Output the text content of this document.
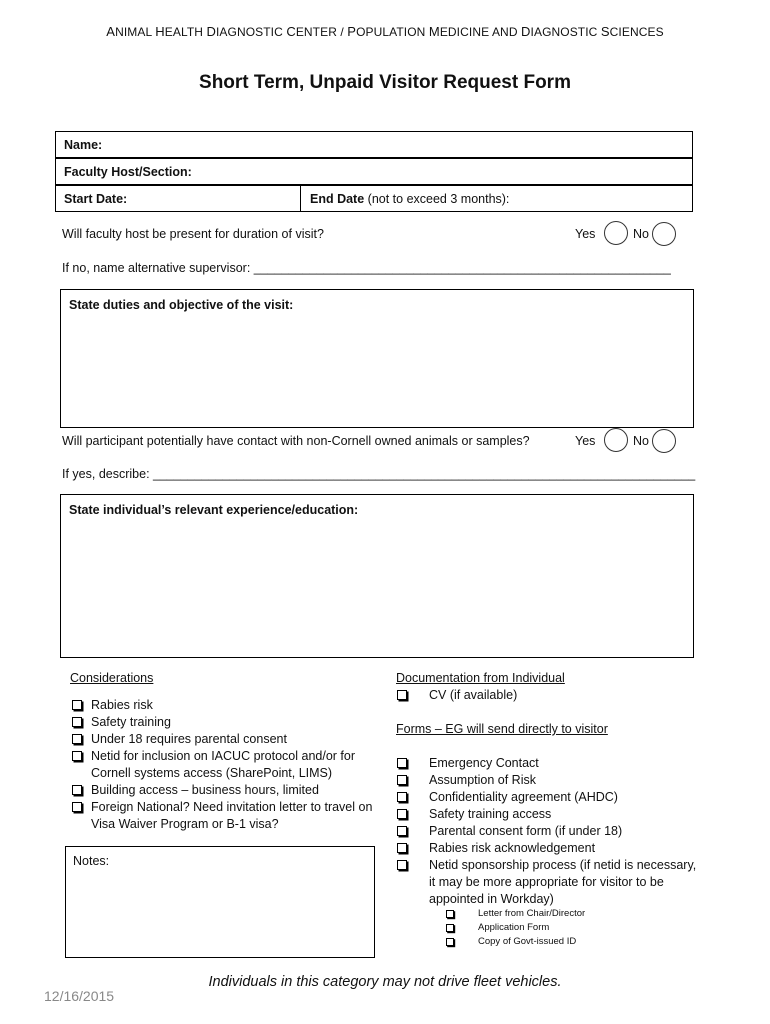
ANIMAL HEALTH DIAGNOSTIC CENTER / POPULATION MEDICINE AND DIAGNOSTIC SCIENCES
Short Term, Unpaid Visitor Request Form
Name:
Faculty Host/Section:
Start Date:	End Date (not to exceed 3 months):
Will faculty host be present for duration of visit?	Yes	No
If no, name alternative supervisor: ____________________________________________________________
State duties and objective of the visit:
Will participant potentially have contact with non-Cornell owned animals or samples?	Yes	No
If yes, describe: ______________________________________________________________________________
State individual’s relevant experience/education:
Considerations
Rabies risk
Safety training
Under 18 requires parental consent
Netid for inclusion on IACUC protocol and/or for Cornell systems access (SharePoint, LIMS)
Building access – business hours, limited
Foreign National? Need invitation letter to travel on Visa Waiver Program or B-1 visa?
Notes:
Documentation from Individual
CV (if available)
Forms – EG will send directly to visitor
Emergency Contact
Assumption of Risk
Confidentiality agreement (AHDC)
Safety training access
Parental consent form (if under 18)
Rabies risk acknowledgement
Netid sponsorship process (if netid is necessary, it may be more appropriate for visitor to be appointed in Workday)
Letter from Chair/Director
Application Form
Copy of Govt-issued ID
Individuals in this category may not drive fleet vehicles.
12/16/2015
